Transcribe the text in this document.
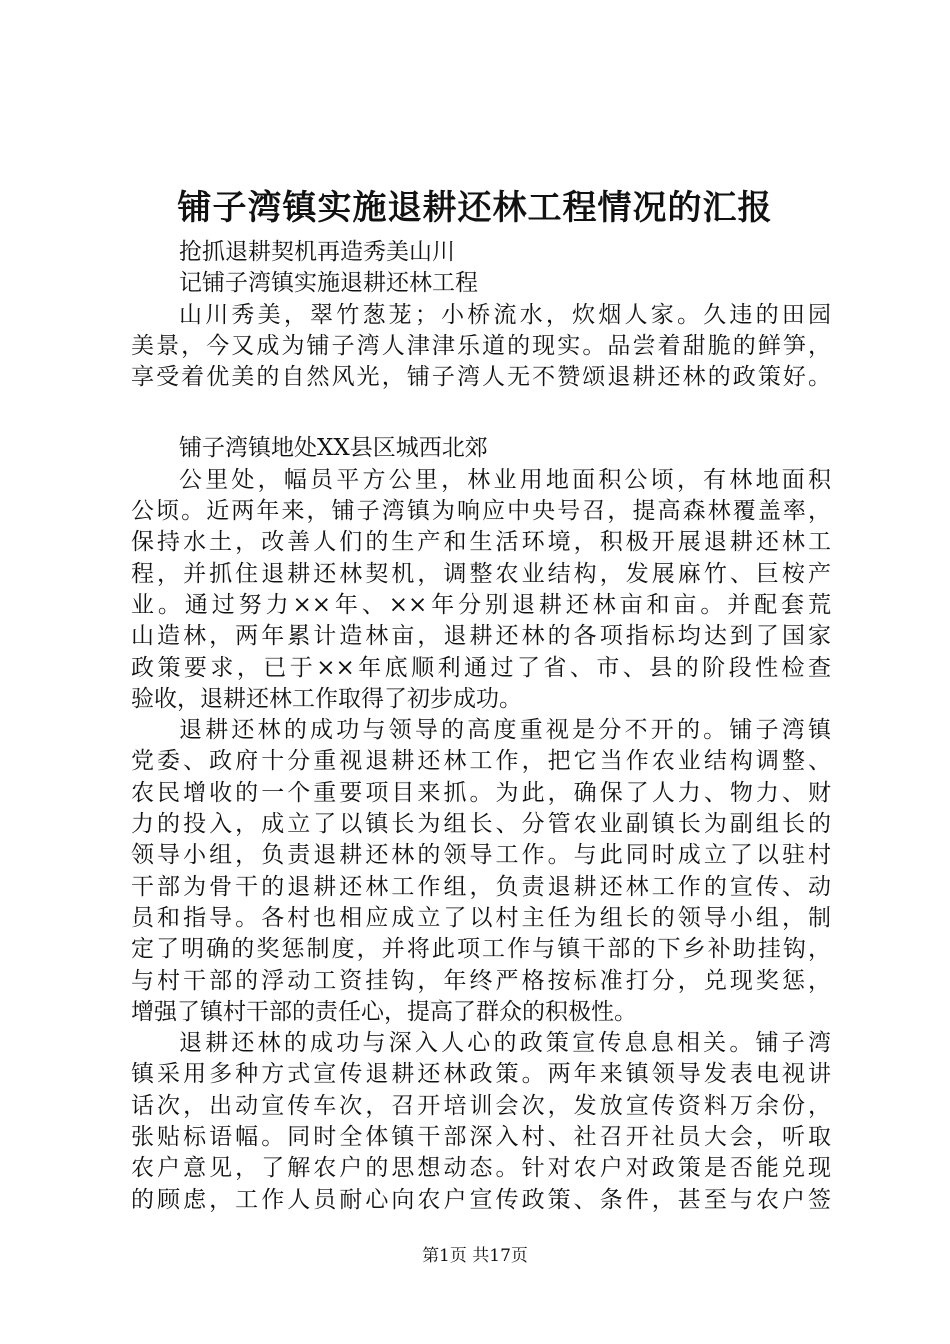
铺子湾镇实施退耕还林工程情况的汇报
抢抓退耕契机再造秀美山川
记铺子湾镇实施退耕还林工程
山川秀美，翠竹葱茏；小桥流水，炊烟人家。久违的田园
美景，今又成为铺子湾人津津乐道的现实。品尝着甜脆的鲜笋，
享受着优美的自然风光，铺子湾人无不赞颂退耕还林的政策好。
铺子湾镇地处XX县区城西北郊
公里处，幅员平方公里，林业用地面积公顷，有林地面积
公顷。近两年来，铺子湾镇为响应中央号召，提高森林覆盖率，
保持水土，改善人们的生产和生活环境，积极开展退耕还林工
程，并抓住退耕还林契机，调整农业结构，发展麻竹、巨桉产
业。通过努力××年、××年分别退耕还林亩和亩。并配套荒
山造林，两年累计造林亩，退耕还林的各项指标均达到了国家
政策要求，已于××年底顺利通过了省、市、县的阶段性检查
验收，退耕还林工作取得了初步成功。
退耕还林的成功与领导的高度重视是分不开的。铺子湾镇
党委、政府十分重视退耕还林工作，把它当作农业结构调整、
农民增收的一个重要项目来抓。为此，确保了人力、物力、财
力的投入，成立了以镇长为组长、分管农业副镇长为副组长的
领导小组，负责退耕还林的领导工作。与此同时成立了以驻村
干部为骨干的退耕还林工作组，负责退耕还林工作的宣传、动
员和指导。各村也相应成立了以村主任为组长的领导小组，制
定了明确的奖惩制度，并将此项工作与镇干部的下乡补助挂钩，
与村干部的浮动工资挂钩，年终严格按标准打分，兑现奖惩，
增强了镇村干部的责任心，提高了群众的积极性。
退耕还林的成功与深入人心的政策宣传息息相关。铺子湾
镇采用多种方式宣传退耕还林政策。两年来镇领导发表电视讲
话次，出动宣传车次，召开培训会次，发放宣传资料万余份，
张贴标语幅。同时全体镇干部深入村、社召开社员大会，听取
农户意见，了解农户的思想动态。针对农户对政策是否能兑现
的顾虑，工作人员耐心向农户宣传政策、条件，甚至与农户签
第1页 共17页
